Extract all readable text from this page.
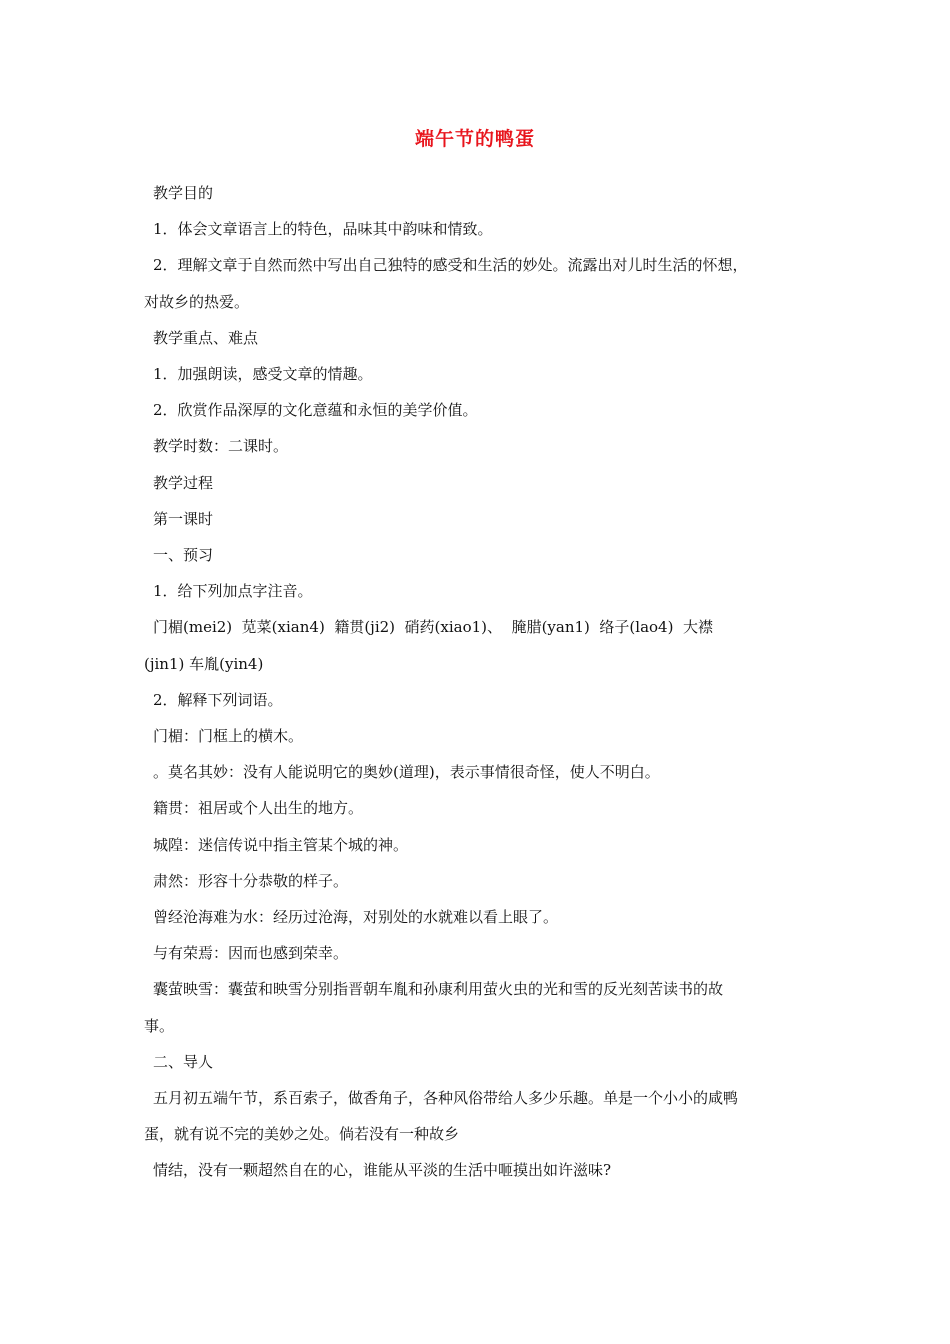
端午节的鸭蛋

教学目的

1．体会文章语言上的特色，品味其中韵味和情致。

2．理解文章于自然而然中写出自己独特的感受和生活的妙处。流露出对儿时生活的怀想，

对故乡的热爱。

教学重点、难点

1．加强朗读，感受文章的情趣。

2．欣赏作品深厚的文化意蕴和永恒的美学价值。

教学时数：二课时。

教学过程

第一课时

一、预习

1．给下列加点字注音。

门楣(mei2)  苋菜(xian4)  籍贯(ji2)  硝药(xiao1)、  腌腊(yan1)  络子(lao4)  大襟

(jin1) 车胤(yin4)

2．解释下列词语。

门楣：门框上的横木。

。莫名其妙：没有人能说明它的奥妙(道理)，表示事情很奇怪，使人不明白。

籍贯：祖居或个人出生的地方。

城隍：迷信传说中指主管某个城的神。

肃然：形容十分恭敬的样子。

曾经沧海难为水：经历过沧海，对别处的水就难以看上眼了。

与有荣焉：因而也感到荣幸。

囊萤映雪：囊萤和映雪分别指晋朝车胤和孙康利用萤火虫的光和雪的反光刻苦读书的故

事。

二、导人

五月初五端午节，系百索子，做香角子，各种风俗带给人多少乐趣。单是一个小小的咸鸭

蛋，就有说不完的美妙之处。倘若没有一种故乡

情结，没有一颗超然自在的心，谁能从平淡的生活中咂摸出如许滋味?
